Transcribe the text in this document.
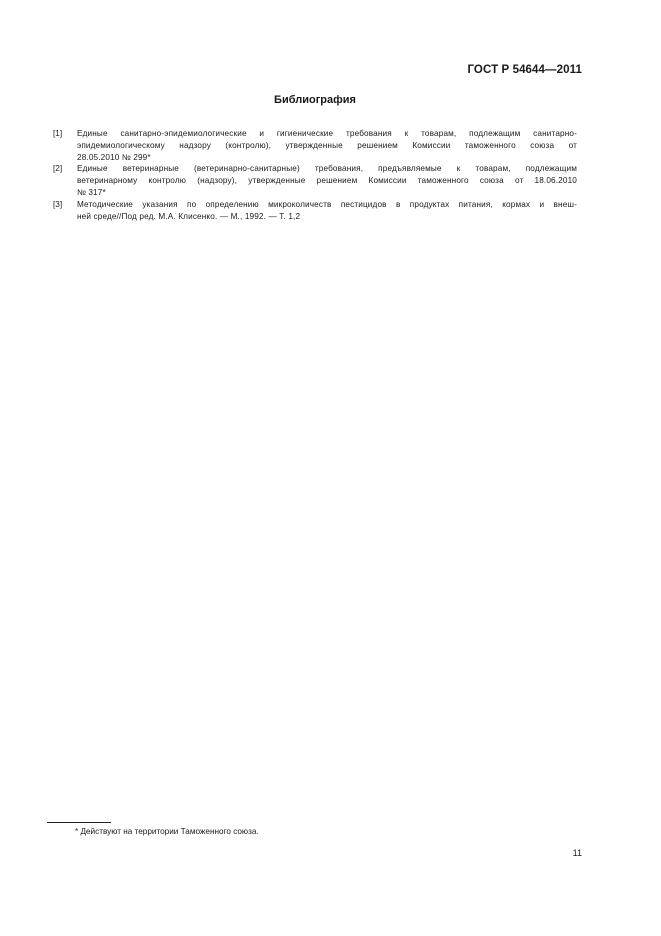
ГОСТ Р 54644—2011
Библиография
[1]	Единые санитарно-эпидемиологические и гигиенические требования к товарам, подлежащим санитарно-
эпидемиологическому надзору (контролю), утвержденные решением Комиссии таможенного союза от
28.05.2010 № 299*
[2]	Единые ветеринарные (ветеринарно-санитарные) требования, предъявляемые к товарам, подлежащим
ветеринарному контролю (надзору), утвержденные решением Комиссии таможенного союза от 18.06.2010
№ 317*
[3]	Методические указания по определению микроколичеств пестицидов в продуктах питания, кормах и внеш-
ней среде//Под ред. М.А. Клисенко. — М., 1992. — Т. 1,2
* Действуют на территории Таможенного союза.
11
